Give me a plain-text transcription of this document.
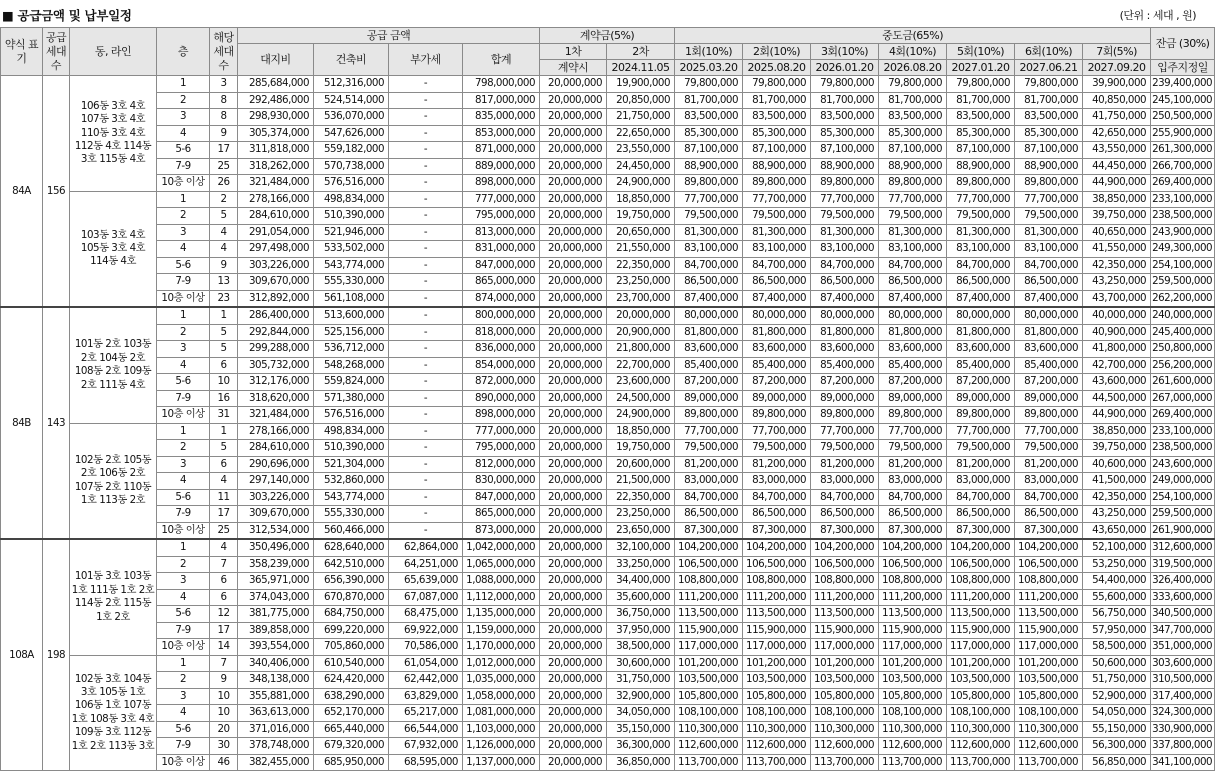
■ 공급금액 및 납부일정	(단위 : 세대 , 원)
약식 표기	공급 세대 수	동, 라인	층	해당 세대 수	공급 금액				계약금(5%)		중도금(65%)							잔금 (30%)
					대지비	건축비	부가세	합계	1차	2차	1회(10%)	2회(10%)	3회(10%)	4회(10%)	5회(10%)	6회(10%)	7회(5%)	
									계약시	2024.11.05	2025.03.20	2025.08.20	2026.01.20	2026.08.20	2027.01.20	2027.06.21	2027.09.20	입주지정일
84A	156	106동 3호 4호 107동 3호 4호 110동 3호 4호 112동 4호 114동 3호 115동 4호	1	3	285,684,000	512,316,000	-	798,000,000	20,000,000	19,900,000	79,800,000	79,800,000	79,800,000	79,800,000	79,800,000	79,800,000	39,900,000	239,400,000
			2	8	292,486,000	524,514,000	-	817,000,000	20,000,000	20,850,000	81,700,000	81,700,000	81,700,000	81,700,000	81,700,000	81,700,000	40,850,000	245,100,000
			3	8	298,930,000	536,070,000	-	835,000,000	20,000,000	21,750,000	83,500,000	83,500,000	83,500,000	83,500,000	83,500,000	83,500,000	41,750,000	250,500,000
			4	9	305,374,000	547,626,000	-	853,000,000	20,000,000	22,650,000	85,300,000	85,300,000	85,300,000	85,300,000	85,300,000	85,300,000	42,650,000	255,900,000
			5-6	17	311,818,000	559,182,000	-	871,000,000	20,000,000	23,550,000	87,100,000	87,100,000	87,100,000	87,100,000	87,100,000	87,100,000	43,550,000	261,300,000
			7-9	25	318,262,000	570,738,000	-	889,000,000	20,000,000	24,450,000	88,900,000	88,900,000	88,900,000	88,900,000	88,900,000	88,900,000	44,450,000	266,700,000
			10층 이상	26	321,484,000	576,516,000	-	898,000,000	20,000,000	24,900,000	89,800,000	89,800,000	89,800,000	89,800,000	89,800,000	89,800,000	44,900,000	269,400,000
		103동 3호 4호 105동 3호 4호 114동 4호	1	2	278,166,000	498,834,000	-	777,000,000	20,000,000	18,850,000	77,700,000	77,700,000	77,700,000	77,700,000	77,700,000	77,700,000	38,850,000	233,100,000
			2	5	284,610,000	510,390,000	-	795,000,000	20,000,000	19,750,000	79,500,000	79,500,000	79,500,000	79,500,000	79,500,000	79,500,000	39,750,000	238,500,000
			3	4	291,054,000	521,946,000	-	813,000,000	20,000,000	20,650,000	81,300,000	81,300,000	81,300,000	81,300,000	81,300,000	81,300,000	40,650,000	243,900,000
			4	4	297,498,000	533,502,000	-	831,000,000	20,000,000	21,550,000	83,100,000	83,100,000	83,100,000	83,100,000	83,100,000	83,100,000	41,550,000	249,300,000
			5-6	9	303,226,000	543,774,000	-	847,000,000	20,000,000	22,350,000	84,700,000	84,700,000	84,700,000	84,700,000	84,700,000	84,700,000	42,350,000	254,100,000
			7-9	13	309,670,000	555,330,000	-	865,000,000	20,000,000	23,250,000	86,500,000	86,500,000	86,500,000	86,500,000	86,500,000	86,500,000	43,250,000	259,500,000
			10층 이상	23	312,892,000	561,108,000	-	874,000,000	20,000,000	23,700,000	87,400,000	87,400,000	87,400,000	87,400,000	87,400,000	87,400,000	43,700,000	262,200,000
84B	143	101동 2호 103동 2호 104동 2호 108동 2호 109동 2호 111동 4호	1	1	286,400,000	513,600,000	-	800,000,000	20,000,000	20,000,000	80,000,000	80,000,000	80,000,000	80,000,000	80,000,000	80,000,000	40,000,000	240,000,000
			2	5	292,844,000	525,156,000	-	818,000,000	20,000,000	20,900,000	81,800,000	81,800,000	81,800,000	81,800,000	81,800,000	81,800,000	40,900,000	245,400,000
			3	5	299,288,000	536,712,000	-	836,000,000	20,000,000	21,800,000	83,600,000	83,600,000	83,600,000	83,600,000	83,600,000	83,600,000	41,800,000	250,800,000
			4	6	305,732,000	548,268,000	-	854,000,000	20,000,000	22,700,000	85,400,000	85,400,000	85,400,000	85,400,000	85,400,000	85,400,000	42,700,000	256,200,000
			5-6	10	312,176,000	559,824,000	-	872,000,000	20,000,000	23,600,000	87,200,000	87,200,000	87,200,000	87,200,000	87,200,000	87,200,000	43,600,000	261,600,000
			7-9	16	318,620,000	571,380,000	-	890,000,000	20,000,000	24,500,000	89,000,000	89,000,000	89,000,000	89,000,000	89,000,000	89,000,000	44,500,000	267,000,000
			10층 이상	31	321,484,000	576,516,000	-	898,000,000	20,000,000	24,900,000	89,800,000	89,800,000	89,800,000	89,800,000	89,800,000	89,800,000	44,900,000	269,400,000
		102동 2호 105동 2호 106동 2호 107동 2호 110동 1호 113동 2호	1	1	278,166,000	498,834,000	-	777,000,000	20,000,000	18,850,000	77,700,000	77,700,000	77,700,000	77,700,000	77,700,000	77,700,000	38,850,000	233,100,000
			2	5	284,610,000	510,390,000	-	795,000,000	20,000,000	19,750,000	79,500,000	79,500,000	79,500,000	79,500,000	79,500,000	79,500,000	39,750,000	238,500,000
			3	6	290,696,000	521,304,000	-	812,000,000	20,000,000	20,600,000	81,200,000	81,200,000	81,200,000	81,200,000	81,200,000	81,200,000	40,600,000	243,600,000
			4	4	297,140,000	532,860,000	-	830,000,000	20,000,000	21,500,000	83,000,000	83,000,000	83,000,000	83,000,000	83,000,000	83,000,000	41,500,000	249,000,000
			5-6	11	303,226,000	543,774,000	-	847,000,000	20,000,000	22,350,000	84,700,000	84,700,000	84,700,000	84,700,000	84,700,000	84,700,000	42,350,000	254,100,000
			7-9	17	309,670,000	555,330,000	-	865,000,000	20,000,000	23,250,000	86,500,000	86,500,000	86,500,000	86,500,000	86,500,000	86,500,000	43,250,000	259,500,000
			10층 이상	25	312,534,000	560,466,000	-	873,000,000	20,000,000	23,650,000	87,300,000	87,300,000	87,300,000	87,300,000	87,300,000	87,300,000	43,650,000	261,900,000
108A	198	101동 3호 103동 1호 111동 1호 2호 114동 2호 115동 1호 2호	1	4	350,496,000	628,640,000	62,864,000	1,042,000,000	20,000,000	32,100,000	104,200,000	104,200,000	104,200,000	104,200,000	104,200,000	104,200,000	52,100,000	312,600,000
			2	7	358,239,000	642,510,000	64,251,000	1,065,000,000	20,000,000	33,250,000	106,500,000	106,500,000	106,500,000	106,500,000	106,500,000	106,500,000	53,250,000	319,500,000
			3	6	365,971,000	656,390,000	65,639,000	1,088,000,000	20,000,000	34,400,000	108,800,000	108,800,000	108,800,000	108,800,000	108,800,000	108,800,000	54,400,000	326,400,000
			4	6	374,043,000	670,870,000	67,087,000	1,112,000,000	20,000,000	35,600,000	111,200,000	111,200,000	111,200,000	111,200,000	111,200,000	111,200,000	55,600,000	333,600,000
			5-6	12	381,775,000	684,750,000	68,475,000	1,135,000,000	20,000,000	36,750,000	113,500,000	113,500,000	113,500,000	113,500,000	113,500,000	113,500,000	56,750,000	340,500,000
			7-9	17	389,858,000	699,220,000	69,922,000	1,159,000,000	20,000,000	37,950,000	115,900,000	115,900,000	115,900,000	115,900,000	115,900,000	115,900,000	57,950,000	347,700,000
			10층 이상	14	393,554,000	705,860,000	70,586,000	1,170,000,000	20,000,000	38,500,000	117,000,000	117,000,000	117,000,000	117,000,000	117,000,000	117,000,000	58,500,000	351,000,000
		102동 3호 104동 3호 105동 1호 106동 1호 107동 1호 108동 3호 4호 109동 3호 112동 1호 2호 113동 3호	1	7	340,406,000	610,540,000	61,054,000	1,012,000,000	20,000,000	30,600,000	101,200,000	101,200,000	101,200,000	101,200,000	101,200,000	101,200,000	50,600,000	303,600,000
			2	9	348,138,000	624,420,000	62,442,000	1,035,000,000	20,000,000	31,750,000	103,500,000	103,500,000	103,500,000	103,500,000	103,500,000	103,500,000	51,750,000	310,500,000
			3	10	355,881,000	638,290,000	63,829,000	1,058,000,000	20,000,000	32,900,000	105,800,000	105,800,000	105,800,000	105,800,000	105,800,000	105,800,000	52,900,000	317,400,000
			4	10	363,613,000	652,170,000	65,217,000	1,081,000,000	20,000,000	34,050,000	108,100,000	108,100,000	108,100,000	108,100,000	108,100,000	108,100,000	54,050,000	324,300,000
			5-6	20	371,016,000	665,440,000	66,544,000	1,103,000,000	20,000,000	35,150,000	110,300,000	110,300,000	110,300,000	110,300,000	110,300,000	110,300,000	55,150,000	330,900,000
			7-9	30	378,748,000	679,320,000	67,932,000	1,126,000,000	20,000,000	36,300,000	112,600,000	112,600,000	112,600,000	112,600,000	112,600,000	112,600,000	56,300,000	337,800,000
			10층 이상	46	382,455,000	685,950,000	68,595,000	1,137,000,000	20,000,000	36,850,000	113,700,000	113,700,000	113,700,000	113,700,000	113,700,000	113,700,000	56,850,000	341,100,000
